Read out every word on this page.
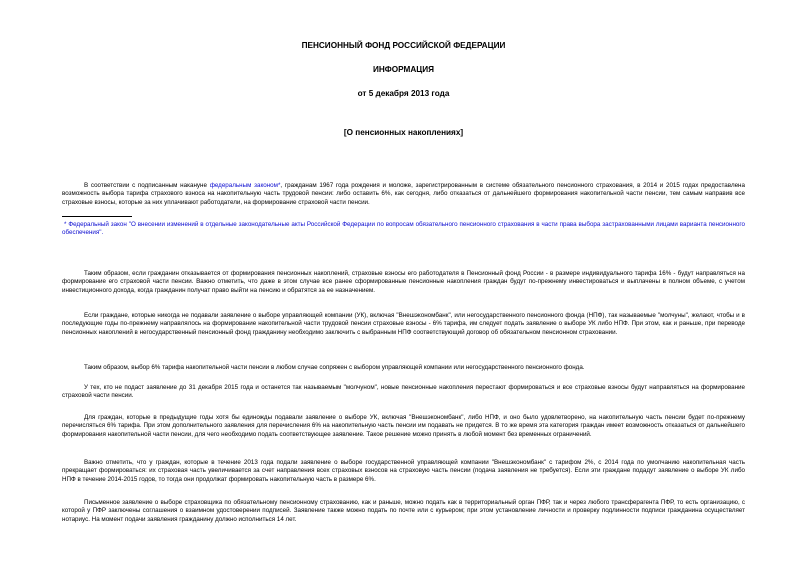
ПЕНСИОННЫЙ ФОНД РОССИЙСКОЙ ФЕДЕРАЦИИ
ИНФОРМАЦИЯ
от 5 декабря 2013 года
[О пенсионных накоплениях]
В соответствии с подписанным накануне федеральным законом*, гражданам 1967 года рождения и моложе, зарегистрированным в системе обязательного пенсионного страхования, в 2014 и 2015 годах предоставлена возможность выбора тарифа страхового взноса на накопительную часть трудовой пенсии: либо оставить 6%, как сегодня, либо отказаться от дальнейшего формирования накопительной части пенсии, тем самым направив все страховые взносы, которые за них уплачивают работодатели, на формирование страховой части пенсии.
* Федеральный закон "О внесении изменений в отдельные законодательные акты Российской Федерации по вопросам обязательного пенсионного страхования в части права выбора застрахованными лицами варианта пенсионного обеспечения".
Таким образом, если гражданин отказывается от формирования пенсионных накоплений, страховые взносы его работодателя в Пенсионный фонд России - в размере индивидуального тарифа 16% - будут направляться на формирование его страховой части пенсии. Важно отметить, что даже в этом случае все ранее сформированные пенсионные накопления граждан будут по-прежнему инвестироваться и выплачены в полном объеме, с учетом инвестиционного дохода, когда гражданин получат право выйти на пенсию и обратятся за ее назначением.
Если граждане, которые никогда не подавали заявление о выборе управляющей компании (УК), включая "Внешэкономбанк", или негосударственного пенсионного фонда (НПФ), так называемые "молчуны", желают, чтобы и в последующие годы по-прежнему направлялось на формирование накопительной части трудовой пенсии страховые взносы - 6% тарифа, им следует подать заявление о выборе УК либо НПФ. При этом, как и раньше, при переводе пенсионных накоплений в негосударственный пенсионный фонд гражданину необходимо заключить с выбранным НПФ соответствующий договор об обязательном пенсионном страховании.
Таким образом, выбор 6% тарифа накопительной части пенсии в любом случае сопряжен с выбором управляющей компании или негосударственного пенсионного фонда.
У тех, кто не подаст заявление до 31 декабря 2015 года и останется так называемым "молчуном", новые пенсионные накопления перестают формироваться и все страховые взносы будут направляться на формирование страховой части пенсии.
Для граждан, которые в предыдущие годы хотя бы единожды подавали заявление о выборе УК, включая "Внешэкономбанк", либо НПФ, и оно было удовлетворено, на накопительную часть пенсии будет по-прежнему перечисляться 6% тарифа. При этом дополнительного заявления для перечисления 6% на накопительную часть пенсии им подавать не придется. В то же время эта категория граждан имеет возможность отказаться от дальнейшего формирования накопительной части пенсии, для чего необходимо подать соответствующее заявление. Такое решение можно принять в любой момент без временных ограничений.
Важно отметить, что у граждан, которые в течение 2013 года подали заявление о выборе государственной управляющей компании "Внешэкономбанк" с тарифом 2%, с 2014 года по умолчанию накопительная часть прекращает формироваться: их страховая часть увеличивается за счет направления всех страховых взносов на страховую часть пенсии (подача заявления не требуется). Если эти граждане подадут заявление о выборе УК либо НПФ в течение 2014-2015 годов, то тогда они продолжат формировать накопительную часть в размере 6%.
Письменное заявление о выборе страховщика по обязательному пенсионному страхованию, как и раньше, можно подать как в территориальный орган ПФР, так и через любого трансферагента ПФР, то есть организацию, с которой у ПФР заключены соглашения о взаимном удостоверении подписей. Заявление также можно подать по почте или с курьером; при этом установление личности и проверку подлинности подписи гражданина осуществляет нотариус. На момент подачи заявления гражданину должно исполниться 14 лет.
